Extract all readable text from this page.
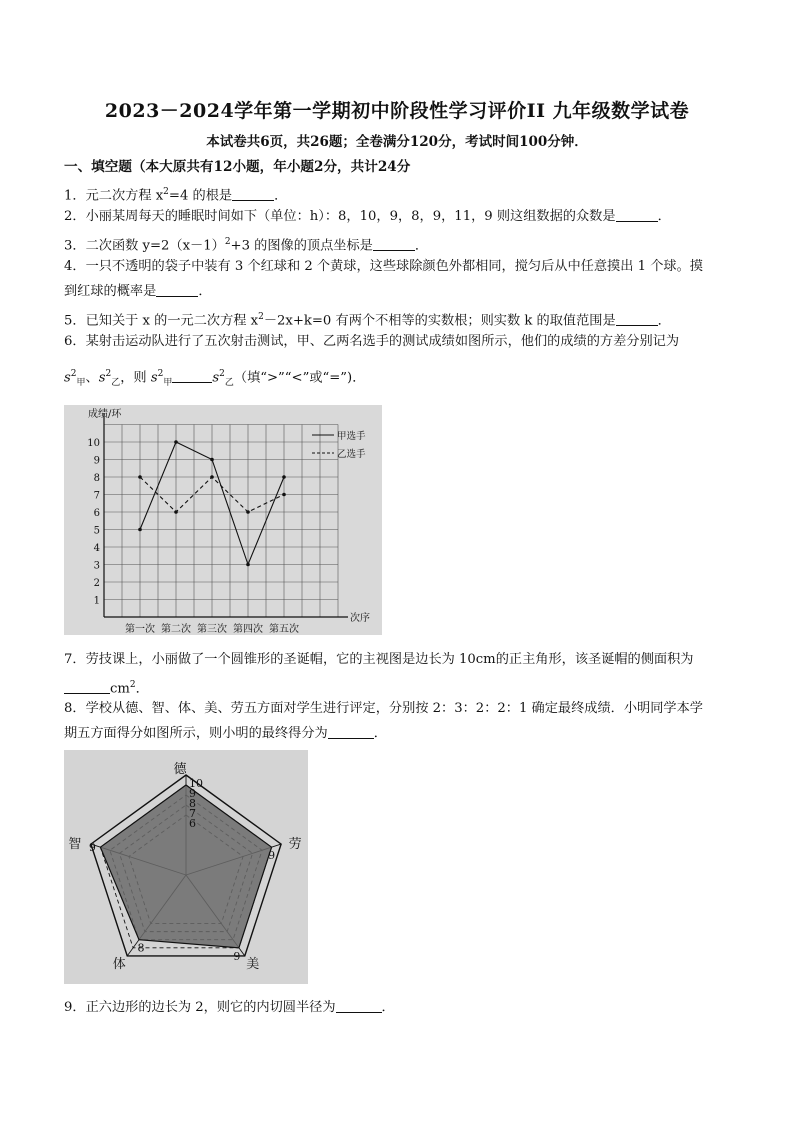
2023－2024学年第一学期初中阶段性学习评价II 九年级数学试卷
本试卷共6页，共26题；全卷满分120分，考试时间100分钟．
一、填空题（本大原共有12小题，年小题2分，共计24分
1．元二次方程 $x^2=4$ 的根是	．
2．小丽某周每天的睡眠时间如下（单位：h）：8，10，9，8，9，11，9 则这组数据的众数是	．
3．二次函数 $y=2(x-1)^2+3$ 的图像的顶点坐标是	．
4．一只不透明的袋子中装有 3 个红球和 2 个黄球，这些球除颜色外都相同，搅匀后从中任意摸出 1 个球。摸
到红球的概率是	．
5．已知关于 x 的一元二次方程 $x^2-2x+k=0$ 有两个不相等的实数根；则实数 k 的取值范围是	．
6．某射击运动队进行了五次射击测试，甲、乙两名选手的测试成绩如图所示，他们的成绩的方差分别记为
$s^2_甲$、$s^2_乙$，则 $s^2_甲$	$s^2_乙$（填“>”“<”或“=”)．
成绩/环
次序
10
9
8
7
6
5
4
3
2
1
第一次 第二次 第三次 第四次 第五次
甲选手
乙选手
7．劳技课上，小丽做了一个圆锥形的圣诞帽，它的主视图是边长为 10cm的正主角形，该圣诞帽的侧面积为
$cm^2$．
8．学校从德、智、体、美、劳五方面对学生进行评定，分别按 2：3：2：2：1 确定最终成绩．小明同学本学
期五方面得分如图所示，则小明的最终得分为	．
10
9
8
7
6
德
劳
美
体
智
9
9
8
9
9．正六边形的边长为 2，则它的内切圆半径为	．
